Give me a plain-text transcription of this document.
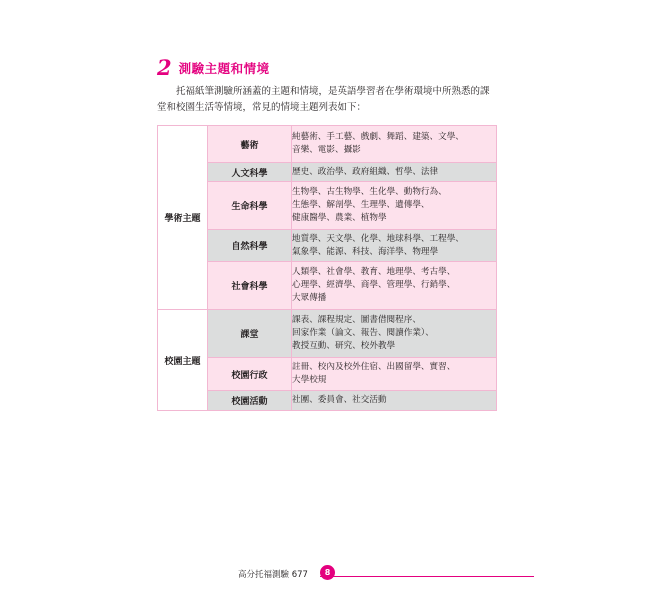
2 測驗主題和情境
托福紙筆測驗所涵蓋的主題和情境，是英語學習者在學術環境中所熟悉的課堂和校園生活等情境，常見的情境主題列表如下：
學術主題	藝術	純藝術、手工藝、戲劇、舞蹈、建築、文學、
音樂、電影、攝影

	人文科學	歷史、政治學、政府組織、哲學、法律

	生命科學	生物學、古生物學、生化學、動物行為、
生態學、解剖學、生理學、遺傳學、
健康醫學、農業、植物學

	自然科學	地質學、天文學、化學、地球科學、工程學、
氣象學、能源、科技、海洋學、物理學

	社會科學	人類學、社會學、教育、地理學、考古學、
心理學、經濟學、商學、管理學、行銷學、
大眾傳播

校園主題	課堂	課表、課程規定、圖書借閱程序、
回家作業（論文、報告、閱讀作業）、
教授互動、研究、校外教學

	校園行政	註冊、校內及校外住宿、出國留學、實習、
大學校規

	校園活動	社團、委員會、社交活動
高分托福測驗 677	8
